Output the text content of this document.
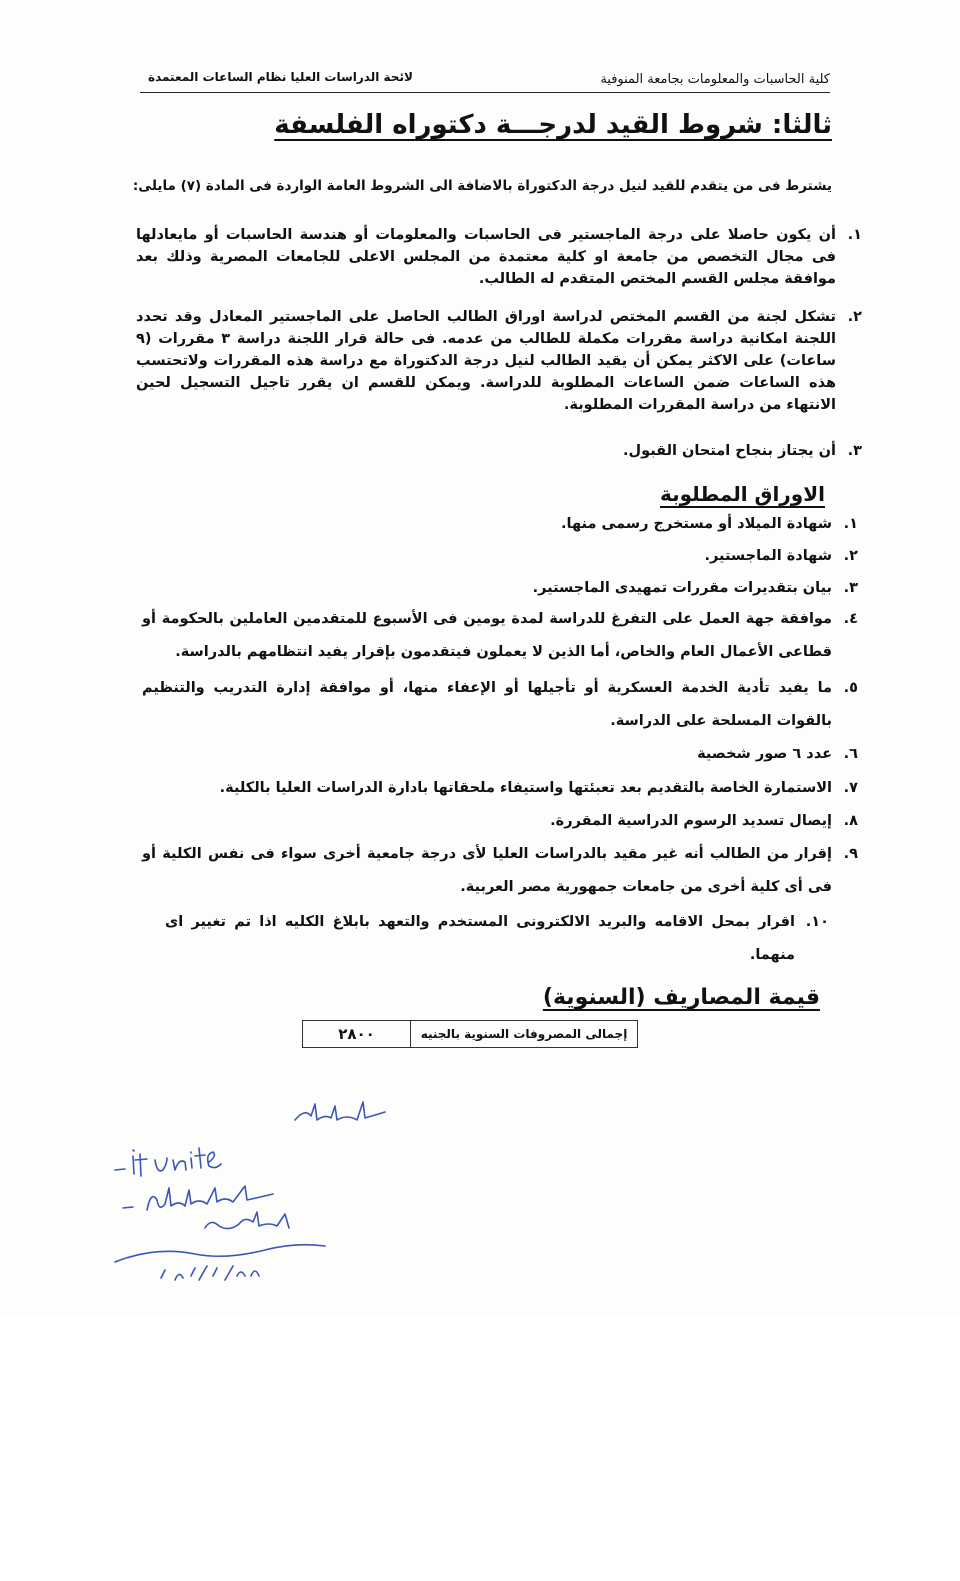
كلية الحاسبات والمعلومات بجامعة المنوفية
لائحة الدراسات العليا نظام الساعات المعتمدة
ثالثا: شروط القيد لدرجـــة دكتوراه الفلسفة
يشترط فى من يتقدم للقيد لنيل درجة الدكتوراة بالاضافة الى الشروط العامة الواردة فى المادة (٧) مايلى:
١.
أن يكون حاصلا على درجة الماجستير فى الحاسبات والمعلومات أو هندسة الحاسبات أو مايعادلها فى مجال التخصص من جامعة او كلية معتمدة من المجلس الاعلى للجامعات المصرية وذلك بعد موافقة مجلس القسم المختص المتقدم له الطالب.
٢.
تشكل لجنة من القسم المختص لدراسة اوراق الطالب الحاصل على الماجستير المعادل وقد تحدد اللجنة امكانية دراسة مقررات مكملة للطالب من عدمه. فى حالة قرار اللجنة دراسة ٣ مقررات (٩ ساعات) على الاكثر يمكن أن يقيد الطالب لنيل درجة الدكتوراة مع دراسة هذه المقررات ولاتحتسب هذه الساعات ضمن الساعات المطلوبة للدراسة. ويمكن للقسم ان يقرر تاجيل التسجيل لحين الانتهاء من دراسة المقررات المطلوبة.
٣.
أن يجتاز بنجاح امتحان القبول.
الاوراق المطلوبة
١.
شهادة الميلاد أو مستخرج رسمى منها.
٢.
شهادة الماجستير.
٣.
بيان بتقديرات مقررات تمهيدى الماجستير.
٤.
موافقة جهة العمل على التفرغ للدراسة لمدة يومين فى الأسبوع للمتقدمين العاملين بالحكومة أو قطاعى الأعمال العام والخاص، أما الذين لا يعملون فيتقدمون بإقرار يفيد انتظامهم بالدراسة.
٥.
ما يفيد تأدية الخدمة العسكرية أو تأجيلها أو الإعفاء منها، أو موافقة إدارة التدريب والتنظيم بالقوات المسلحة على الدراسة.
٦.
عدد ٦ صور شخصية
٧.
الاستمارة الخاصة بالتقديم بعد تعبئتها واستيفاء ملحقاتها بادارة الدراسات العليا بالكلية.
٨.
إيصال تسديد الرسوم الدراسية المقررة.
٩.
إقرار من الطالب أنه غير مقيد بالدراسات العليا لأى درجة جامعية أخرى سواء فى نفس الكلية أو فى أى كلية أخرى من جامعات جمهورية مصر العربية.
١٠.
اقرار بمحل الاقامه والبريد الالكترونى المستخدم والتعهد بابلاغ الكليه اذا تم تغيير اى منهما.
قيمة المصاريف (السنوية)
إجمالى المصروفات السنوية بالجنيه
٢٨٠٠
